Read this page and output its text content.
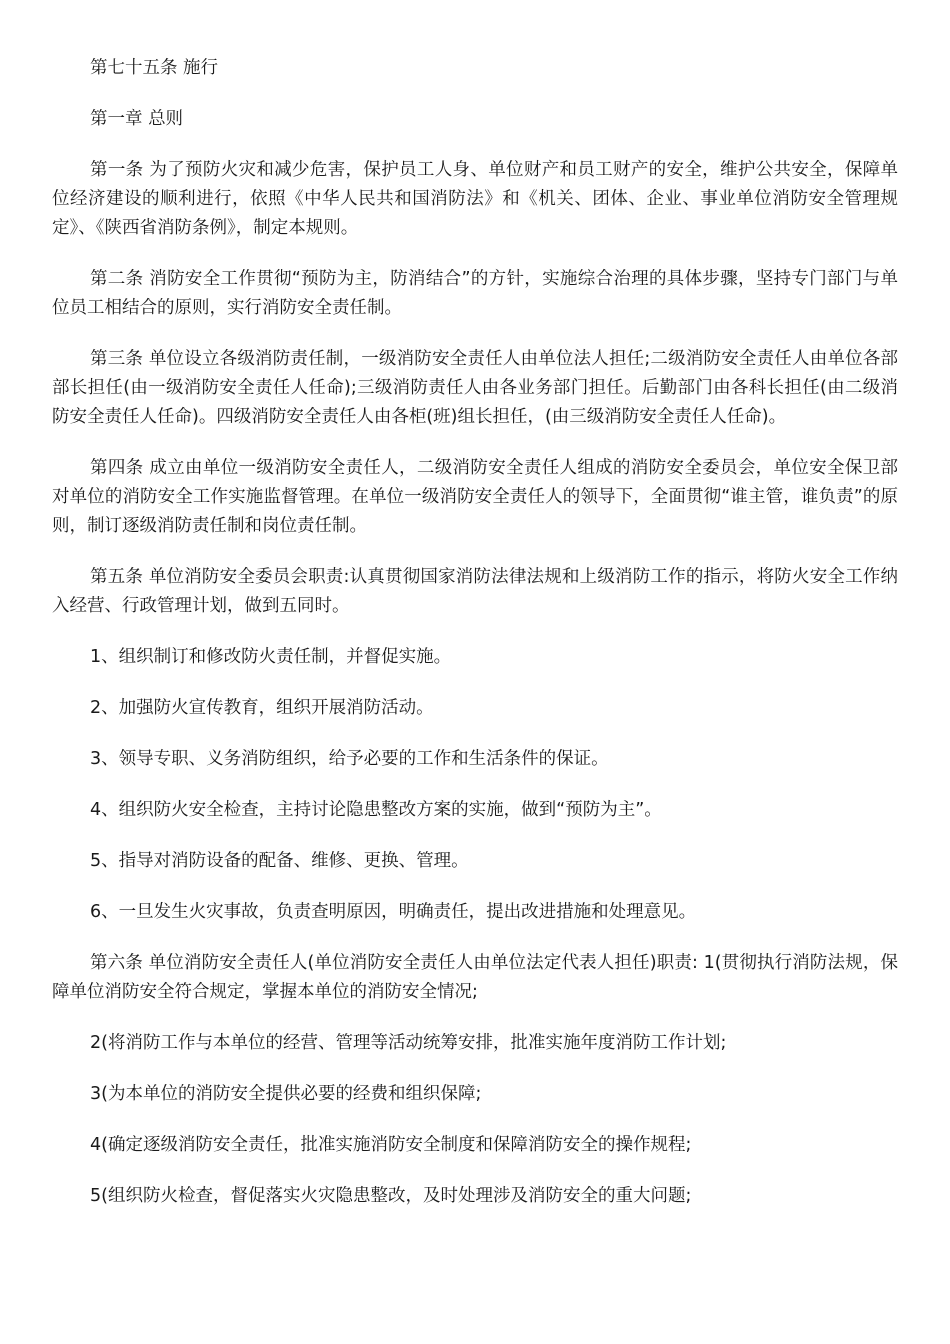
第七十五条 施行

第一章 总则

第一条 为了预防火灾和减少危害，保护员工人身、单位财产和员工财产的安全，维护公共安全，保障单位经济建设的顺利进行，依照《中华人民共和国消防法》和《机关、团体、企业、事业单位消防安全管理规定》、《陕西省消防条例》，制定本规则。

第二条 消防安全工作贯彻“预防为主，防消结合”的方针，实施综合治理的具体步骤，坚持专门部门与单位员工相结合的原则，实行消防安全责任制。

第三条 单位设立各级消防责任制，一级消防安全责任人由单位法人担任;二级消防安全责任人由单位各部部长担任(由一级消防安全责任人任命);三级消防责任人由各业务部门担任。后勤部门由各科长担任(由二级消防安全责任人任命)。四级消防安全责任人由各柜(班)组长担任，(由三级消防安全责任人任命)。

第四条 成立由单位一级消防安全责任人，二级消防安全责任人组成的消防安全委员会，单位安全保卫部对单位的消防安全工作实施监督管理。在单位一级消防安全责任人的领导下，全面贯彻“谁主管，谁负责”的原则，制订逐级消防责任制和岗位责任制。

第五条 单位消防安全委员会职责:认真贯彻国家消防法律法规和上级消防工作的指示，将防火安全工作纳入经营、行政管理计划，做到五同时。

1、组织制订和修改防火责任制，并督促实施。

2、加强防火宣传教育，组织开展消防活动。

3、领导专职、义务消防组织，给予必要的工作和生活条件的保证。

4、组织防火安全检查，主持讨论隐患整改方案的实施，做到“预防为主”。

5、指导对消防设备的配备、维修、更换、管理。

6、一旦发生火灾事故，负责查明原因，明确责任，提出改进措施和处理意见。

第六条 单位消防安全责任人(单位消防安全责任人由单位法定代表人担任)职责: 1(贯彻执行消防法规，保障单位消防安全符合规定，掌握本单位的消防安全情况;

2(将消防工作与本单位的经营、管理等活动统筹安排，批准实施年度消防工作计划;

3(为本单位的消防安全提供必要的经费和组织保障;

4(确定逐级消防安全责任，批准实施消防安全制度和保障消防安全的操作规程;

5(组织防火检查，督促落实火灾隐患整改，及时处理涉及消防安全的重大问题;
